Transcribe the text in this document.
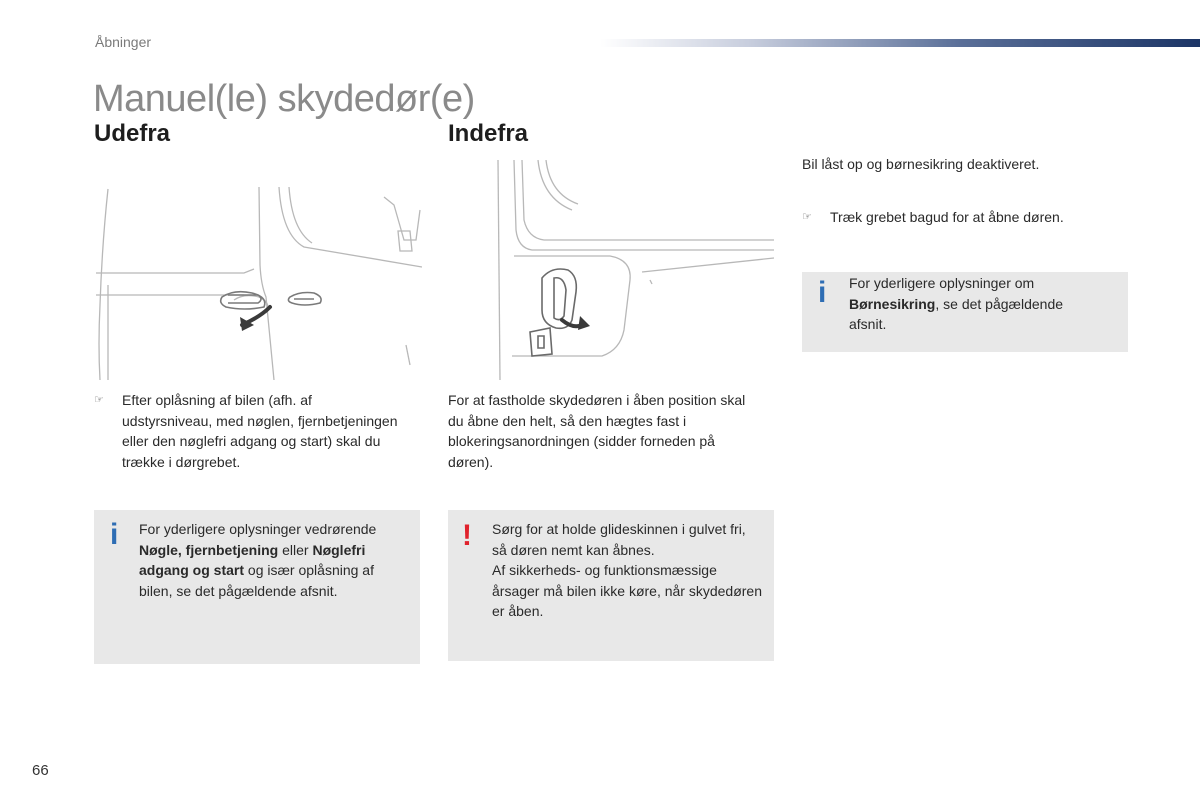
Åbninger
Manuel(le) skydedør(e)
Udefra	Indefra
☞	Efter oplåsning af bilen (afh. af udstyrsniveau, med nøglen, fjernbetjeningen eller den nøglefri adgang og start) skal du trække i dørgrebet.
i For yderligere oplysninger vedrørende Nøgle, fjernbetjening eller Nøglefri adgang og start og især oplåsning af bilen, se det pågældende afsnit.
For at fastholde skydedøren i åben position skal du åbne den helt, så den hægtes fast i blokeringsanordningen (sidder forneden på døren).
! Sørg for at holde glideskinnen i gulvet fri, så døren nemt kan åbnes.
Af sikkerheds- og funktionsmæssige årsager må bilen ikke køre, når skydedøren er åben.
Bil låst op og børnesikring deaktiveret.
☞	Træk grebet bagud for at åbne døren.
i For yderligere oplysninger om Børnesikring, se det pågældende afsnit.
66
